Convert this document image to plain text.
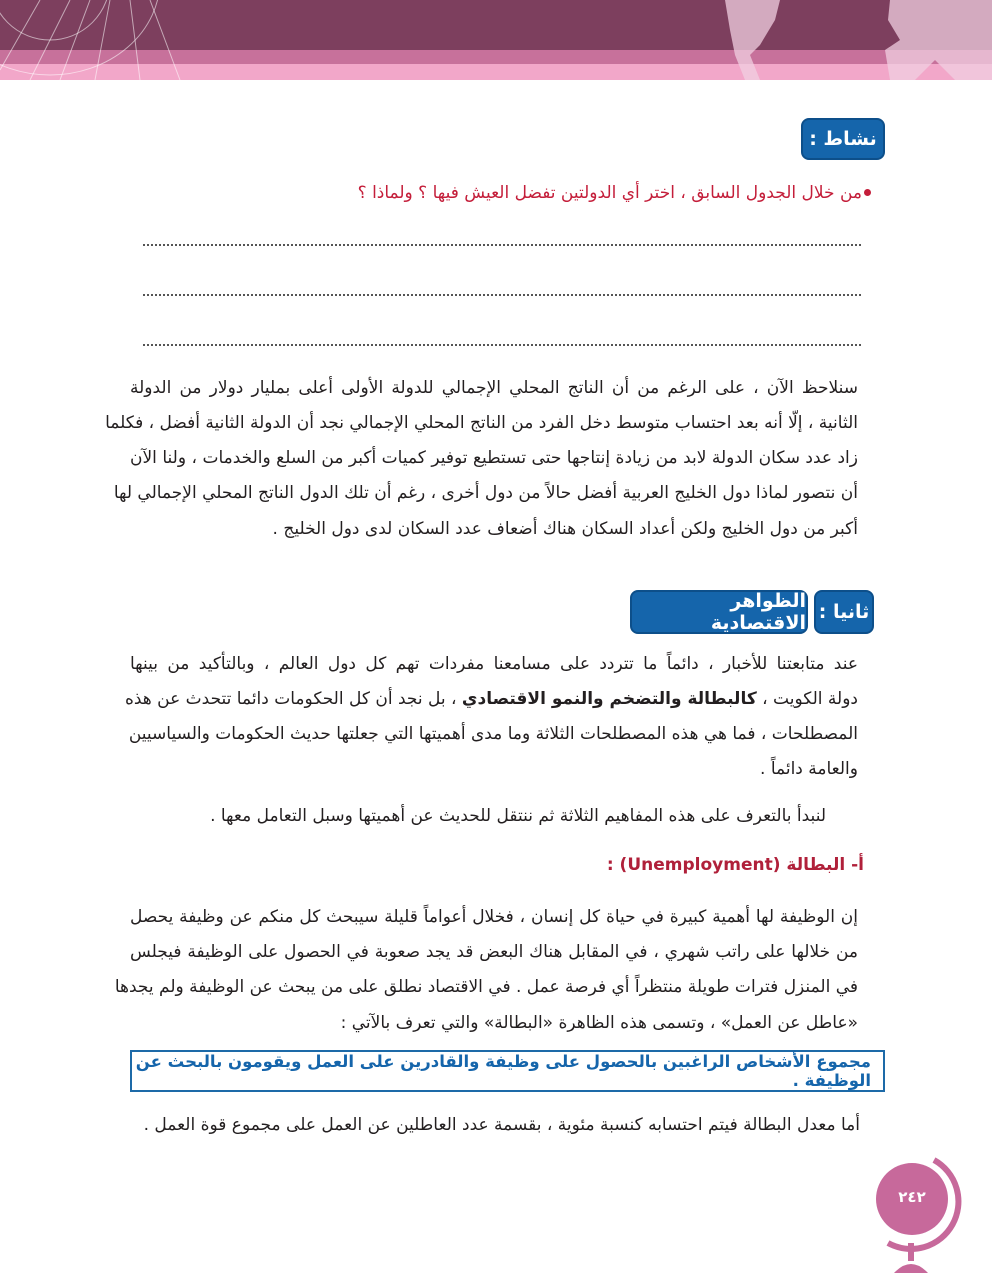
نشاط :
من خلال الجدول السابق ، اختر أي الدولتين تفضل العيش فيها ؟ ولماذا ؟
سنلاحظ الآن ، على الرغم من أن الناتج المحلي الإجمالي للدولة الأولى أعلى بمليار دولار من الدولة
الثانية ، إلّا أنه بعد احتساب متوسط دخل الفرد من الناتج المحلي الإجمالي نجد أن الدولة الثانية أفضل ، فكلما
زاد عدد سكان الدولة لابد من زيادة إنتاجها حتى تستطيع توفير كميات أكبر من السلع والخدمات ، ولنا الآن
أن نتصور لماذا دول الخليج العربية أفضل حالاً من دول أخرى ، رغم أن تلك الدول الناتج المحلي الإجمالي لها
أكبر من دول الخليج ولكن أعداد السكان هناك أضعاف عدد السكان لدى دول الخليج .
ثانيا

:
الظواهر الاقتصادية
عند متابعتنا للأخبار ، دائماً ما تتردد على مسامعنا مفردات تهم كل دول العالم ، وبالتأكيد من بينها
دولة الكويت ، كالبطالة والتضخم والنمو الاقتصادي ، بل نجد أن كل الحكومات دائما تتحدث عن هذه
المصطلحات ، فما هي هذه المصطلحات الثلاثة وما مدى أهميتها التي جعلتها حديث الحكومات والسياسيين
والعامة دائماً .
لنبدأ بالتعرف على هذه المفاهيم الثلاثة ثم ننتقل للحديث عن أهميتها وسبل التعامل معها .
أ- البطالة (Unemployment) :
إن الوظيفة لها أهمية كبيرة في حياة كل إنسان ، فخلال أعواماً قليلة سيبحث كل منكم عن وظيفة يحصل
من خلالها على راتب شهري ، في المقابل هناك البعض قد يجد صعوبة في الحصول على الوظيفة فيجلس
في المنزل فترات طويلة منتظراً أي فرصة عمل . في الاقتصاد نطلق على من يبحث عن الوظيفة ولم يجدها
«عاطل عن العمل» ، وتسمى هذه الظاهرة «البطالة» والتي تعرف بالآتي :
مجموع الأشخاص الراغبين بالحصول على وظيفة والقادرين على العمل ويقومون بالبحث عن الوظيفة .
أما معدل البطالة فيتم احتسابه كنسبة مئوية ، بقسمة عدد العاطلين عن العمل على مجموع قوة العمل .
٢٤٢
